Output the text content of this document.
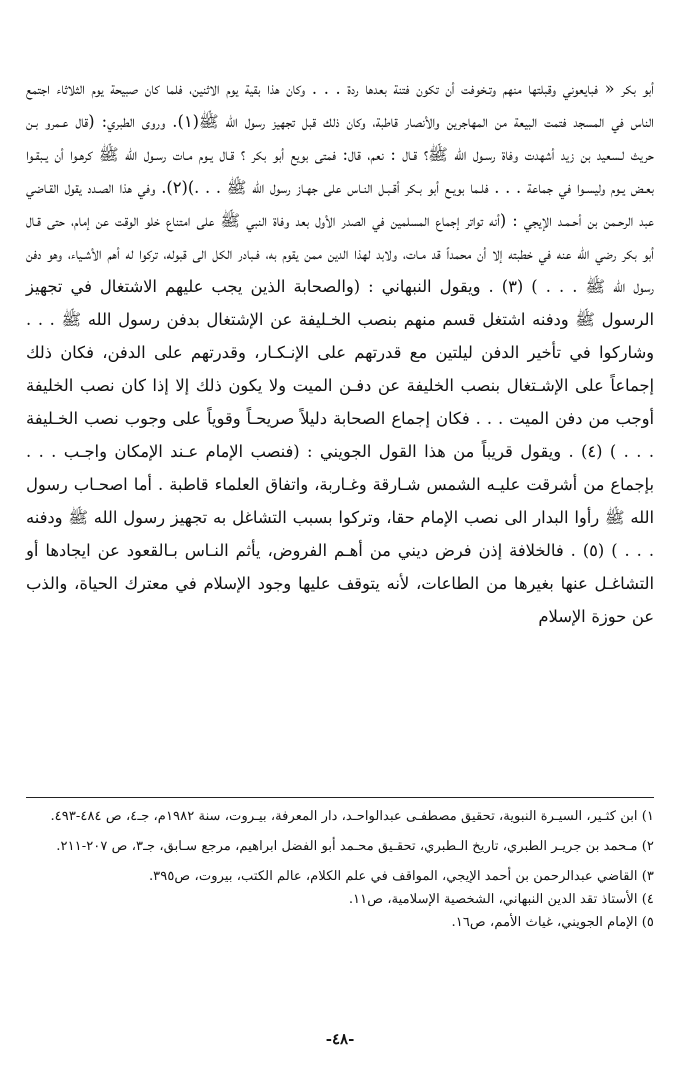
أبو بكر « فبايعوني وقبلتها منهم وتـخوفت أن تكون فتنة بعدها ردة . . . وكان هذا بقية يوم الاثنين، فلما كان صبيحة يوم الثلاثاء اجتمع الناس في المسجد فتمت البيعة من المهاجرين والأنصار قاطبة، وكان ذلك قبل تجهيز رسول الله ﷺ(١). وروى الطبري: (قال عـمرو بـن حريث لـسعيد بن زيد أشهدت وفاة رسـول الله ﷺ؟ قـال : نعم، قال: فمتى بويع أبو بكر ؟ قـال يـوم مـات رسـول الله ﷺ كرهـوا أن يـبقـوا بعـض يـوم وليسـوا في جماعة . . . فلـما بويـع أبو بـكر أقـبـل النـاس على جهـاز رسول الله ﷺ . . .)(٢). وفي هذا الصـدد يقول القـاضي عبد الرحـمن بن أحـمـد الإيجي : (أنه تواتر إجماع المسلمين في الصدر الأول بعد وفاة النبي ﷺ على امتناع خلو الوقت عن إمام، حتى قـال أبو بكر رضي الله عنه في خطبته إلا أن محمداً قد مـات، ولابد لهذا الدين ممن يقوم به، فـبادر الكل الى قبوله، تركوا له أهم الأشـياء، وهو دفن رسول الله ﷺ . . . ) (٣) . ويقول النبهاني : (والصحابة الذين يجب عليهم الاشتغال في تجهيز الرسول ﷺ ودفنه اشتغل قسم منهم بنصب الخـليفة عن الإشتغال بدفن رسول الله ﷺ . . . وشاركوا في تأخير الدفن ليلتين مع قدرتهم على الإنـكـار، وقدرتهم على الدفن، فكان ذلك إجماعاً على الإشـتغال بنصب الخليفة عن دفـن الميت ولا يكون ذلك إلا إذا كان نصب الخليفة أوجب من دفن الميت . . . فكان إجماع الصحابة دليلاً صريحـاً وقوياً على وجوب نصب الخـليفة . . . ) (٤) . ويقول قريباً من هذا القول الجويني : (فنصب الإمام عـند الإمكان واجـب . . . بإجماع من أشرقت عليـه الشمس شـارقة وغـاربة، واتفاق العلماء قاطبة . أما اصحـاب رسول الله ﷺ رأوا البدار الى نصب الإمام حقا، وتركوا بسبب التشاغل به تجهيز رسول الله ﷺ ودفنه . . . ) (٥) . فالخلافة إذن فرض ديني من أهـم الفروض، يأثم النـاس بـالقعود عن ايجادها أو التشاغـل عنها بغيرها من الطاعات، لأنه يتوقف عليها وجود الإسلام في معترك الحياة، والذب عن حوزة الإسلام

١) ابن كثـير، السيـرة النبوية، تحقيق مصطفـى عبدالواحـد، دار المعرفة، بيـروت، سنة ١٩٨٢م، جـ٤، ص ٤٨٤-٤٩٣.
٢) مـحمد بن جريـر الطبري، تاريخ الـطبري، تحقـيق محـمد أبو الفضل ابراهيم، مرجع سـابق، جـ٣، ص ٢٠٧-٢١١.
٣) القاضي عبدالرحمن بن أحمد الإيجي، المواقف في علم الكلام، عالم الكتب، بيروت، ص٣٩٥.
٤) الأستاذ تقد الدين النبهاني، الشخصية الإسلامية، ص١١.
٥) الإمام الجويني، غياث الأمم، ص١٦.
-٤٨-
